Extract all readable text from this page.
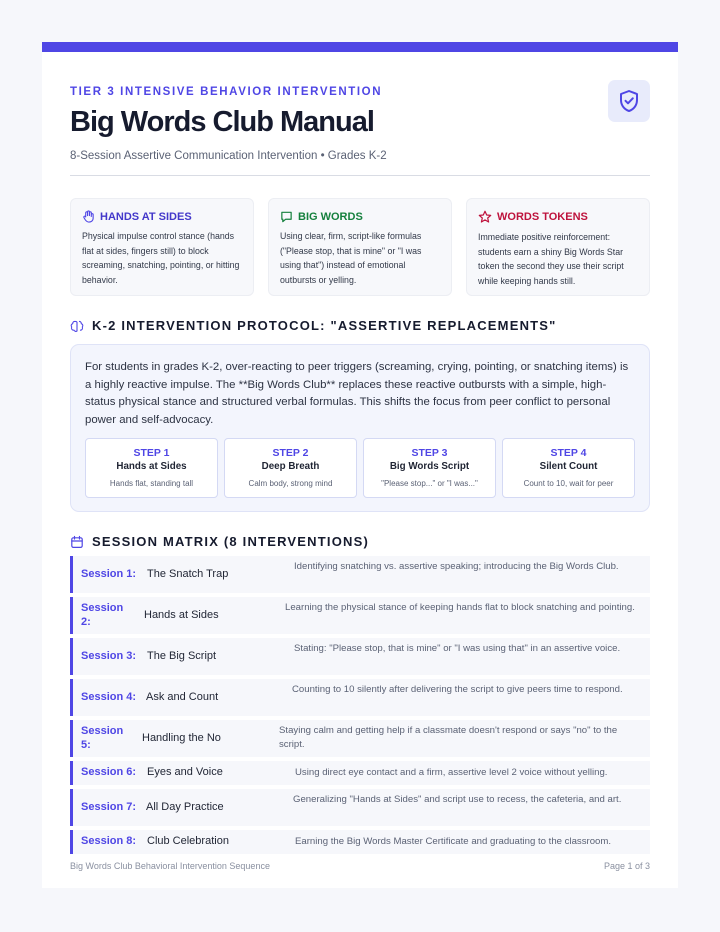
TIER 3 INTENSIVE BEHAVIOR INTERVENTION
Big Words Club Manual
8-Session Assertive Communication Intervention • Grades K-2
HANDS AT SIDES
Physical impulse control stance (hands flat at sides, fingers still) to block screaming, snatching, pointing, or hitting behavior.
BIG WORDS
Using clear, firm, script-like formulas ("Please stop, that is mine" or "I was using that") instead of emotional outbursts or yelling.
WORDS TOKENS
Immediate positive reinforcement: students earn a shiny Big Words Star token the second they use their script while keeping hands still.
K-2 INTERVENTION PROTOCOL: "ASSERTIVE REPLACEMENTS"
For students in grades K-2, over-reacting to peer triggers (screaming, crying, pointing, or snatching items) is a highly reactive impulse. The **Big Words Club** replaces these reactive outbursts with a simple, high-status physical stance and structured verbal formulas. This shifts the focus from peer conflict to personal power and self-advocacy.
STEP 1
Hands at Sides
Hands flat, standing tall
STEP 2
Deep Breath
Calm body, strong mind
STEP 3
Big Words Script
"Please stop..." or "I was..."
STEP 4
Silent Count
Count to 10, wait for peer
SESSION MATRIX (8 INTERVENTIONS)
Session 1: The Snatch Trap
Identifying snatching vs. assertive speaking; introducing the Big Words Club.
Session 2:
Hands at Sides
Learning the physical stance of keeping hands flat to block snatching and pointing.
Session 3: The Big Script
Stating: "Please stop, that is mine" or "I was using that" in an assertive voice.
Session 4: Ask and Count
Counting to 10 silently after delivering the script to give peers time to respond.
Session 5:
Handling the No
Staying calm and getting help if a classmate doesn't respond or says "no" to the script.
Session 6: Eyes and Voice	Using direct eye contact and a firm, assertive level 2 voice without yelling.
Session 7: All Day Practice
Generalizing "Hands at Sides" and script use to recess, the cafeteria, and art.
Session 8: Club Celebration	Earning the Big Words Master Certificate and graduating to the classroom.
Big Words Club Behavioral Intervention Sequence	Page 1 of 3
